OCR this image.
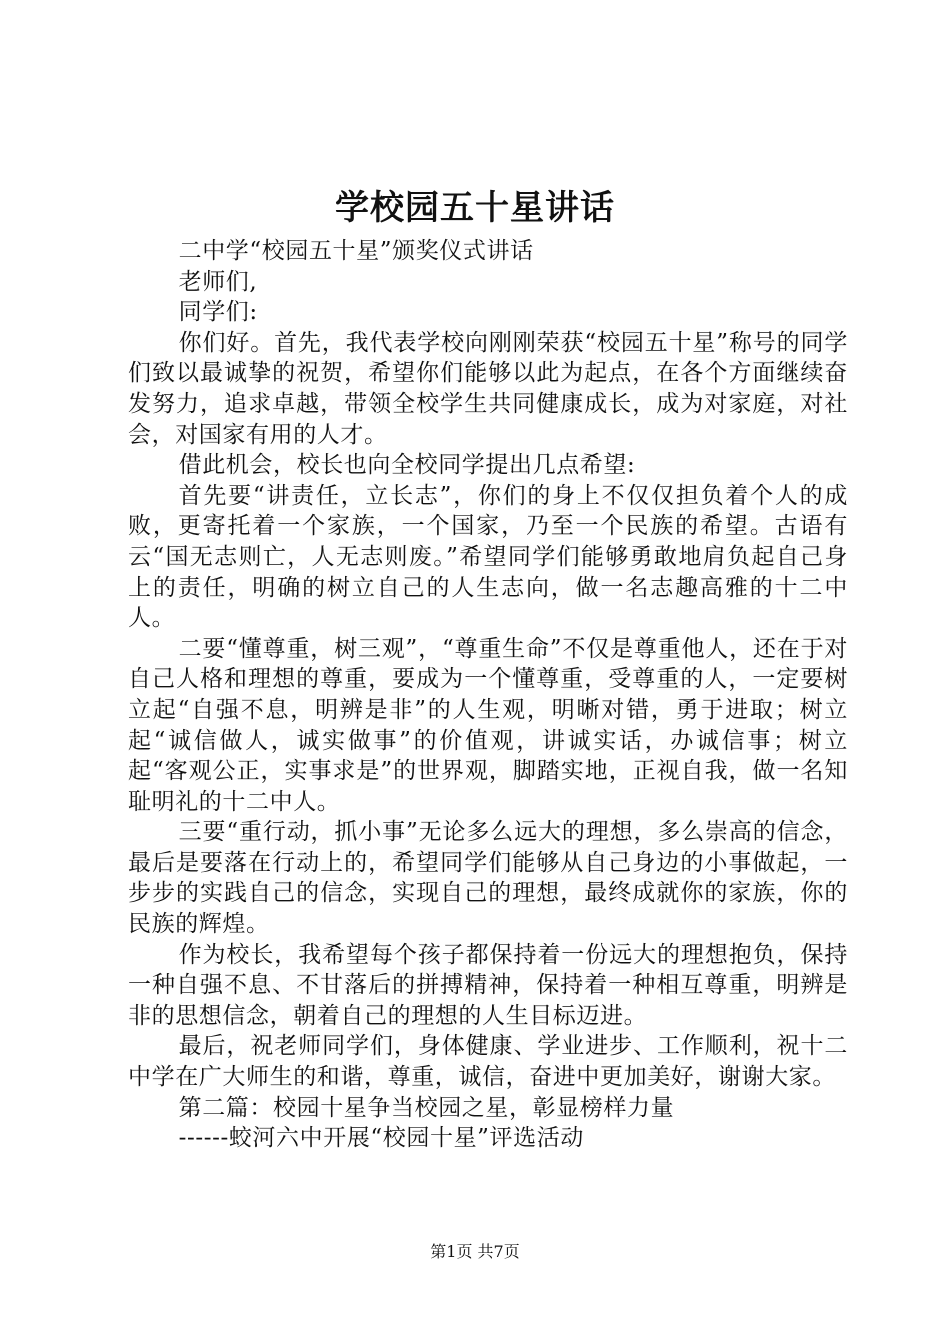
学校园五十星讲话

二中学“校园五十星”颁奖仪式讲话

老师们,

同学们:

你们好。首先，我代表学校向刚刚荣获“校园五十星”称号的同学们致以最诚挚的祝贺，希望你们能够以此为起点，在各个方面继续奋发努力，追求卓越，带领全校学生共同健康成长，成为对家庭，对社会，对国家有用的人才。

借此机会，校长也向全校同学提出几点希望:

首先要“讲责任，立长志”，你们的身上不仅仅担负着个人的成败，更寄托着一个家族，一个国家，乃至一个民族的希望。古语有云“国无志则亡，人无志则废。”希望同学们能够勇敢地肩负起自己身上的责任，明确的树立自己的人生志向，做一名志趣高雅的十二中人。

二要“懂尊重，树三观”，“尊重生命”不仅是尊重他人，还在于对自己人格和理想的尊重，要成为一个懂尊重，受尊重的人，一定要树立起“自强不息，明辨是非”的人生观，明晰对错，勇于进取；树立起“诚信做人，诚实做事”的价值观，讲诚实话，办诚信事；树立起“客观公正，实事求是”的世界观，脚踏实地，正视自我，做一名知耻明礼的十二中人。

三要“重行动，抓小事”无论多么远大的理想，多么崇高的信念，最后是要落在行动上的，希望同学们能够从自己身边的小事做起，一步步的实践自己的信念，实现自己的理想，最终成就你的家族，你的民族的辉煌。

作为校长，我希望每个孩子都保持着一份远大的理想抱负，保持一种自强不息、不甘落后的拼搏精神，保持着一种相互尊重，明辨是非的思想信念，朝着自己的理想的人生目标迈进。

最后，祝老师同学们，身体健康、学业进步、工作顺利，祝十二中学在广大师生的和谐，尊重，诚信，奋进中更加美好，谢谢大家。

第二篇：校园十星争当校园之星，彰显榜样力量

------蛟河六中开展“校园十星”评选活动

第1页 共7页
